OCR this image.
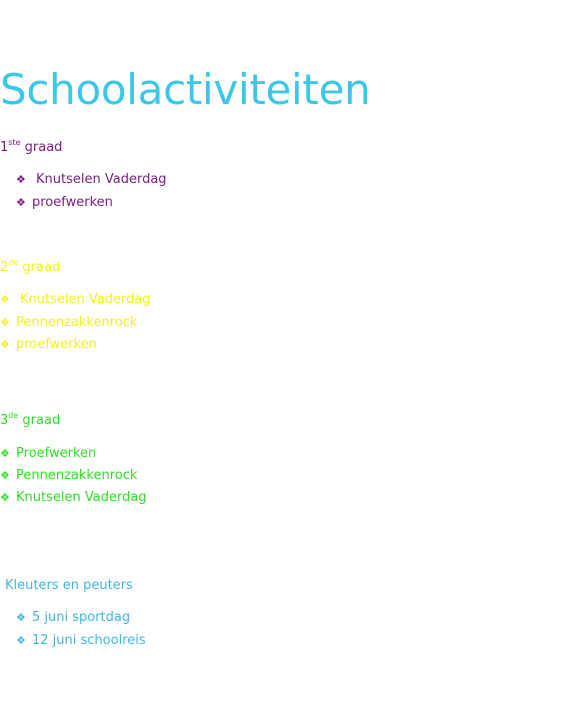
Schoolactiviteiten
1ste graad
❖ Knutselen Vaderdag
❖ proefwerken
2de graad
❖ Knutselen Vaderdag
❖ Pennenzakkenrock
❖ proefwerken
3de graad
❖ Proefwerken
❖ Pennenzakkenrock
❖ Knutselen Vaderdag
Kleuters en peuters
❖ 5 juni sportdag
❖ 12 juni schoolreis
